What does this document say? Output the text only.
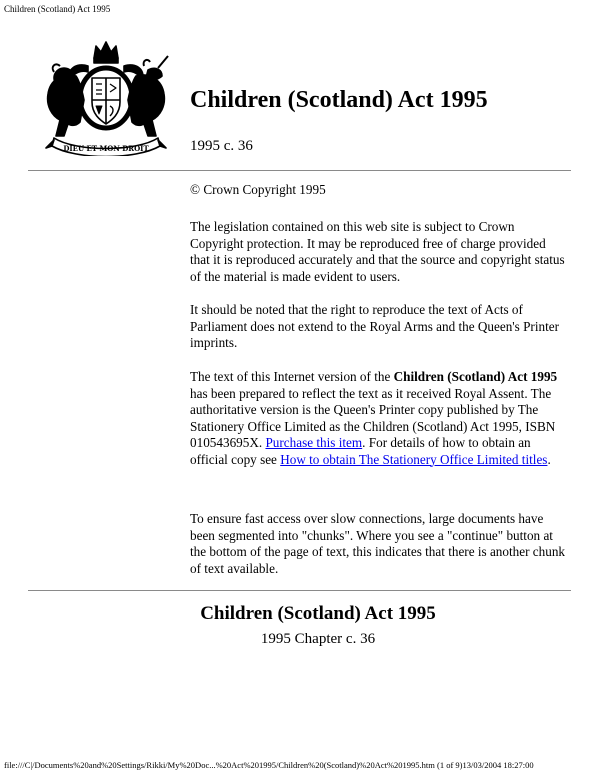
Children (Scotland) Act 1995
DIEU ET MON DROIT
Children (Scotland) Act 1995
1995 c. 36
© Crown Copyright 1995

The legislation contained on this web site is subject to Crown Copyright protection. It may be reproduced free of charge provided that it is reproduced accurately and that the source and copyright status of the material is made evident to users.

It should be noted that the right to reproduce the text of Acts of Parliament does not extend to the Royal Arms and the Queen's Printer imprints.

The text of this Internet version of the Children (Scotland) Act 1995 has been prepared to reflect the text as it received Royal Assent. The authoritative version is the Queen's Printer copy published by The Stationery Office Limited as the Children (Scotland) Act 1995, ISBN 010543695X. Purchase this item. For details of how to obtain an official copy see How to obtain The Stationery Office Limited titles.

To ensure fast access over slow connections, large documents have been segmented into "chunks". Where you see a "continue" button at the bottom of the page of text, this indicates that there is another chunk of text available.

Children (Scotland) Act 1995
1995 Chapter c. 36
file:///C|/Documents%20and%20Settings/Rikki/My%20Doc...%20Act%201995/Children%20(Scotland)%20Act%201995.htm (1 of 9)13/03/2004 18:27:00
